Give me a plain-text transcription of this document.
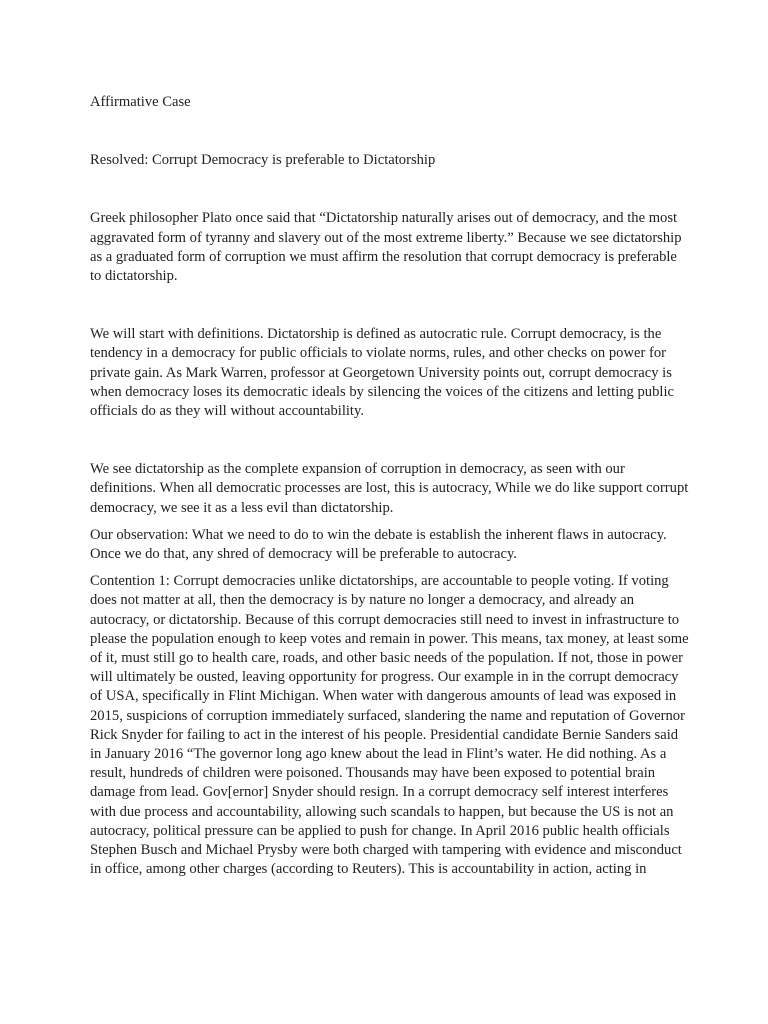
Affirmative Case

Resolved: Corrupt Democracy is preferable to Dictatorship

Greek philosopher Plato once said that “Dictatorship naturally arises out of democracy, and the most aggravated form of tyranny and slavery out of the most extreme liberty.” Because we see dictatorship as a graduated form of corruption we must affirm the resolution that corrupt democracy is preferable to dictatorship.

We will start with definitions. Dictatorship is defined as autocratic rule. Corrupt democracy, is the tendency in a democracy for public officials to violate norms, rules, and other checks on power for private gain. As Mark Warren, professor at Georgetown University points out, corrupt democracy is when democracy loses its democratic ideals by silencing the voices of the citizens and letting public officials do as they will without accountability.

We see dictatorship as the complete expansion of corruption in democracy, as seen with our definitions. When all democratic processes are lost, this is autocracy, While we do like support corrupt democracy, we see it as a less evil than dictatorship.

Our observation: What we need to do to win the debate is establish the inherent flaws in autocracy. Once we do that, any shred of democracy will be preferable to autocracy.

Contention 1: Corrupt democracies unlike dictatorships, are accountable to people voting. If voting does not matter at all, then the democracy is by nature no longer a democracy, and already an autocracy, or dictatorship. Because of this corrupt democracies still need to invest in infrastructure to please the population enough to keep votes and remain in power. This means, tax money, at least some of it, must still go to health care, roads, and other basic needs of the population. If not, those in power will ultimately be ousted, leaving opportunity for progress. Our example in in the corrupt democracy of USA, specifically in Flint Michigan. When water with dangerous amounts of lead was exposed in 2015, suspicions of corruption immediately surfaced, slandering the name and reputation of Governor Rick Snyder for failing to act in the interest of his people. Presidential candidate Bernie Sanders said in January 2016 “The governor long ago knew about the lead in Flint’s water. He did nothing. As a result, hundreds of children were poisoned. Thousands may have been exposed to potential brain damage from lead. Gov[ernor] Snyder should resign. In a corrupt democracy self interest interferes with due process and accountability, allowing such scandals to happen, but because the US is not an autocracy, political pressure can be applied to push for change. In April 2016 public health officials Stephen Busch and Michael Prysby were both charged with tampering with evidence and misconduct in office, among other charges (according to Reuters). This is accountability in action, acting in
